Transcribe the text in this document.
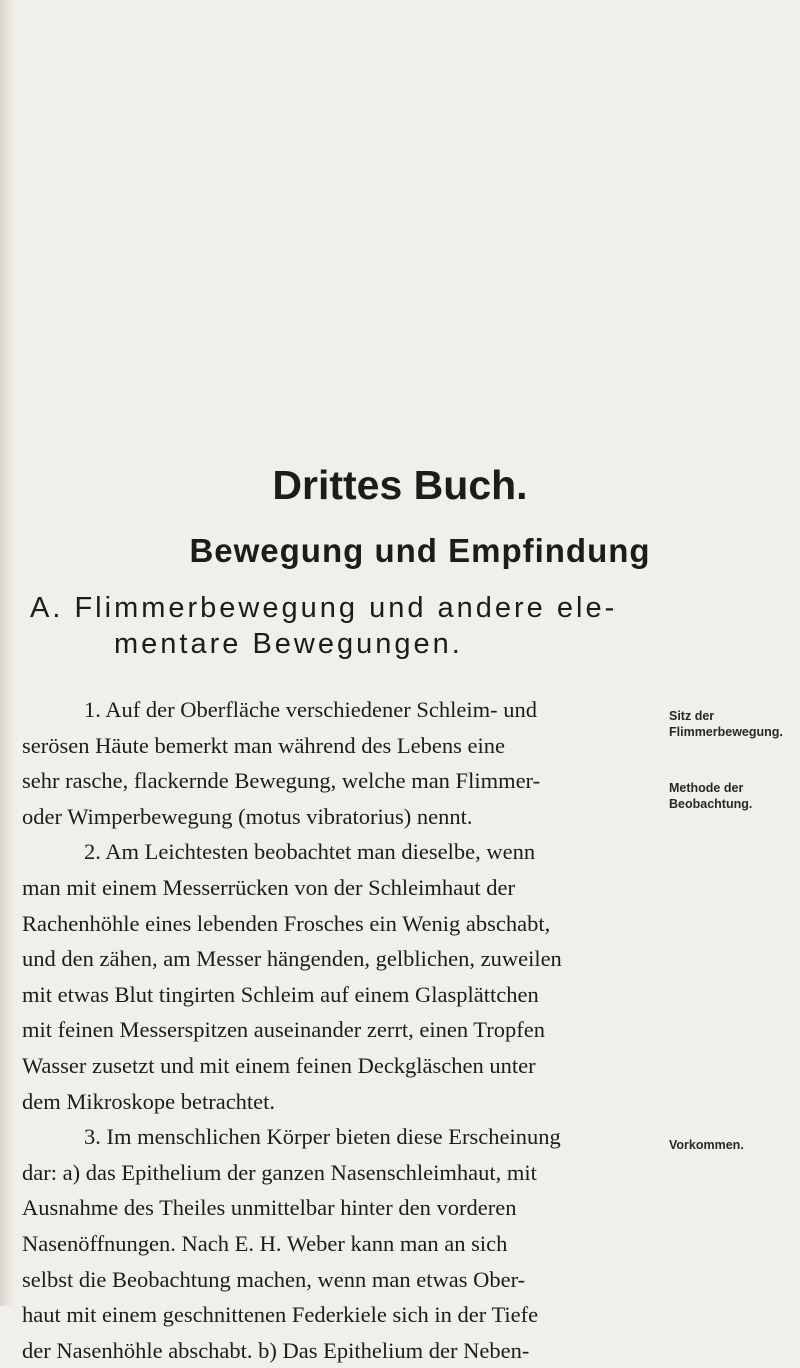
Drittes Buch.
Bewegung und Empfindung
A. Flimmerbewegung und andere ele-
mentare Bewegungen.
1. Auf der Oberfläche verschiedener Schleim- und
serösen Häute bemerkt man während des Lebens eine
sehr rasche, flackernde Bewegung, welche man Flimmer-
oder Wimperbewegung (motus vibratorius) nennt.
2. Am Leichtesten beobachtet man dieselbe, wenn
man mit einem Messerrücken von der Schleimhaut der
Rachenhöhle eines lebenden Frosches ein Wenig abschabt,
und den zähen, am Messer hängenden, gelblichen, zuweilen
mit etwas Blut tingirten Schleim auf einem Glasplättchen
mit feinen Messerspitzen auseinander zerrt, einen Tropfen
Wasser zusetzt und mit einem feinen Deckgläschen unter
dem Mikroskope betrachtet.
3. Im menschlichen Körper bieten diese Erscheinung
dar: a) das Epithelium der ganzen Nasenschleimhaut, mit
Ausnahme des Theiles unmittelbar hinter den vorderen
Nasenöffnungen. Nach E. H. Weber kann man an sich
selbst die Beobachtung machen, wenn man etwas Ober-
haut mit einem geschnittenen Federkiele sich in der Tiefe
der Nasenhöhle abschabt. b) Das Epithelium der Neben-
Sitz der Flimmerbewegung.
Methode der Beobachtung.
Vorkommen.
